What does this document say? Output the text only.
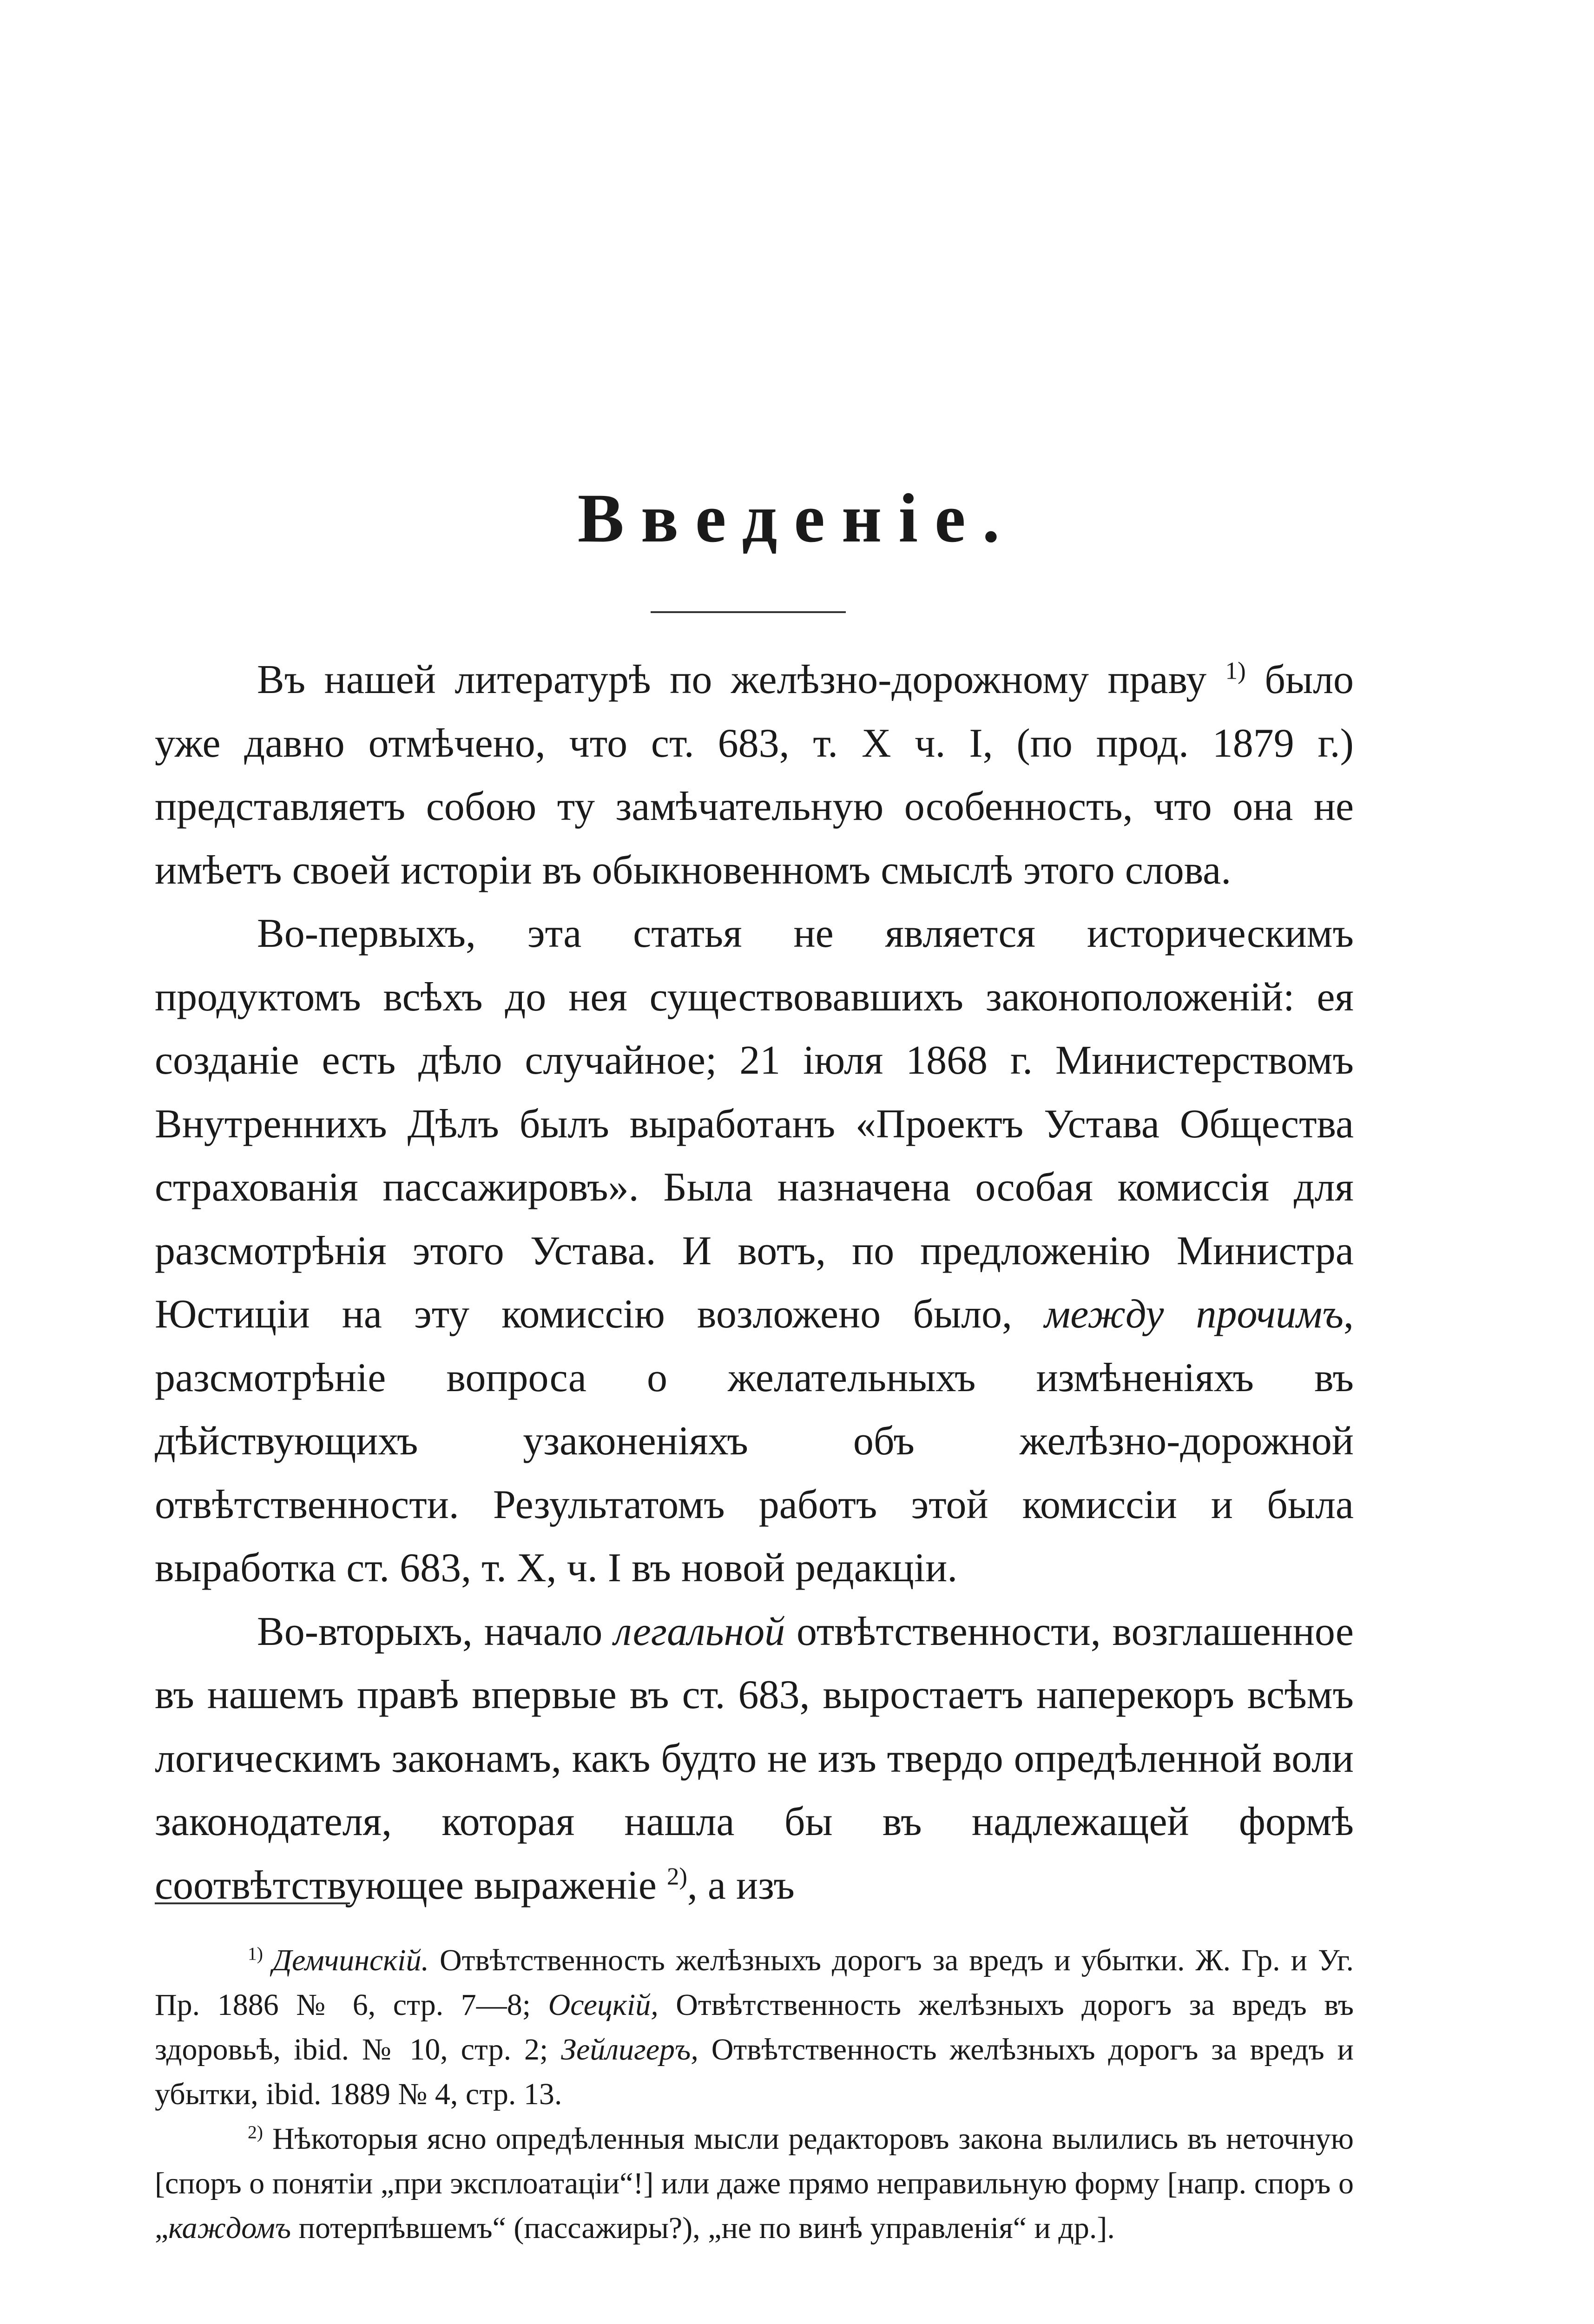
Введеніе.

Въ нашей литературѣ по желѣзно-дорожному праву $^{1)}$ было уже давно отмѣчено, что ст. 683, т. X ч. I, (по прод. 1879 г.) представляетъ собою ту замѣчательную особенность, что она не имѣетъ своей исторіи въ обыкновенномъ смыслѣ этого слова.

Во-первыхъ, эта статья не является историческимъ продуктомъ всѣхъ до нея существовавшихъ законоположеній: ея созданіе есть дѣло случайное; 21 іюля 1868 г. Министерствомъ Внутреннихъ Дѣлъ былъ выработанъ «Проектъ Устава Общества страхованія пассажировъ». Была назначена особая комиссія для разсмотрѣнія этого Устава. И вотъ, по предложенію Министра Юстиціи на эту комиссію возложено было, между прочимъ, разсмотрѣніе вопроса о желательныхъ измѣненіяхъ въ дѣйствующихъ узаконеніяхъ объ желѣзно-дорожной отвѣтственности. Результатомъ работъ этой комиссіи и была выработка ст. 683, т. X, ч. I въ новой редакціи.

Во-вторыхъ, начало легальной отвѣтственности, возглашенное въ нашемъ правѣ впервые въ ст. 683, выростаетъ наперекоръ всѣмъ логическимъ законамъ, какъ будто не изъ твердо опредѣленной воли законодателя, которая нашла бы въ надлежащей формѣ соотвѣтствующее выраженіе $^{2)}$, а изъ

$^{1)}$ Демчинскій. Отвѣтственность желѣзныхъ дорогъ за вредъ и убытки. Ж. Гр. и Уг. Пр. 1886 № 6, стр. 7—8; Осецкій, Отвѣтственность желѣзныхъ дорогъ за вредъ въ здоровьѣ, ibid. № 10, стр. 2; Зейлигеръ, Отвѣтственность желѣзныхъ дорогъ за вредъ и убытки, ibid. 1889 № 4, стр. 13.

$^{2)}$ Нѣкоторыя ясно опредѣленныя мысли редакторовъ закона вылились въ неточную [споръ о понятіи „при эксплоатаціи“!] или даже прямо неправильную форму [напр. споръ о „каждомъ потерпѣвшемъ“ (пассажиры?), „не по винѣ управленія“ и др.].
